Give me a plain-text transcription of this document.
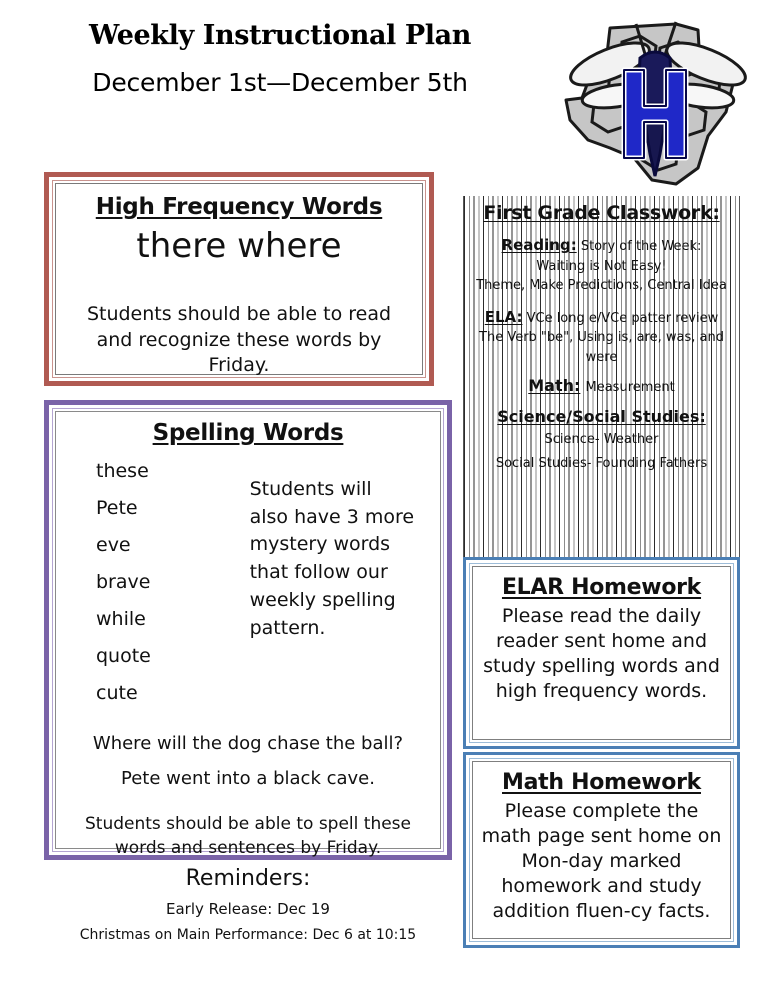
Weekly Instructional Plan
December 1st—December 5th
High Frequency Words
there where
Students should be able to read and recognize these words by Friday.
Spelling Words
these
Pete
eve
brave
while
quote
cute
Students will also have 3 more mystery words that follow our weekly spelling pattern.
Where will the dog chase the ball?
Pete went into a black cave.
Students should be able to spell these words and sentences by Friday.
Reminders:
Early Release: Dec 19
Christmas on Main Performance: Dec 6 at 10:15
First Grade Classwork:
Reading: Story of the Week:
Waiting is Not Easy!
Theme, Make Predictions, Central Idea
ELA: VCe long e/VCe patter review
The Verb "be", Using is, are, was, and were
Math: Measurement
Science/Social Studies:
Science- Weather
Social Studies- Founding Fathers
ELAR Homework
Please read the daily reader sent home and study spelling words and high frequency words.
Math Homework
Please complete the math page sent home on Mon-day marked homework and study addition fluen-cy facts.
